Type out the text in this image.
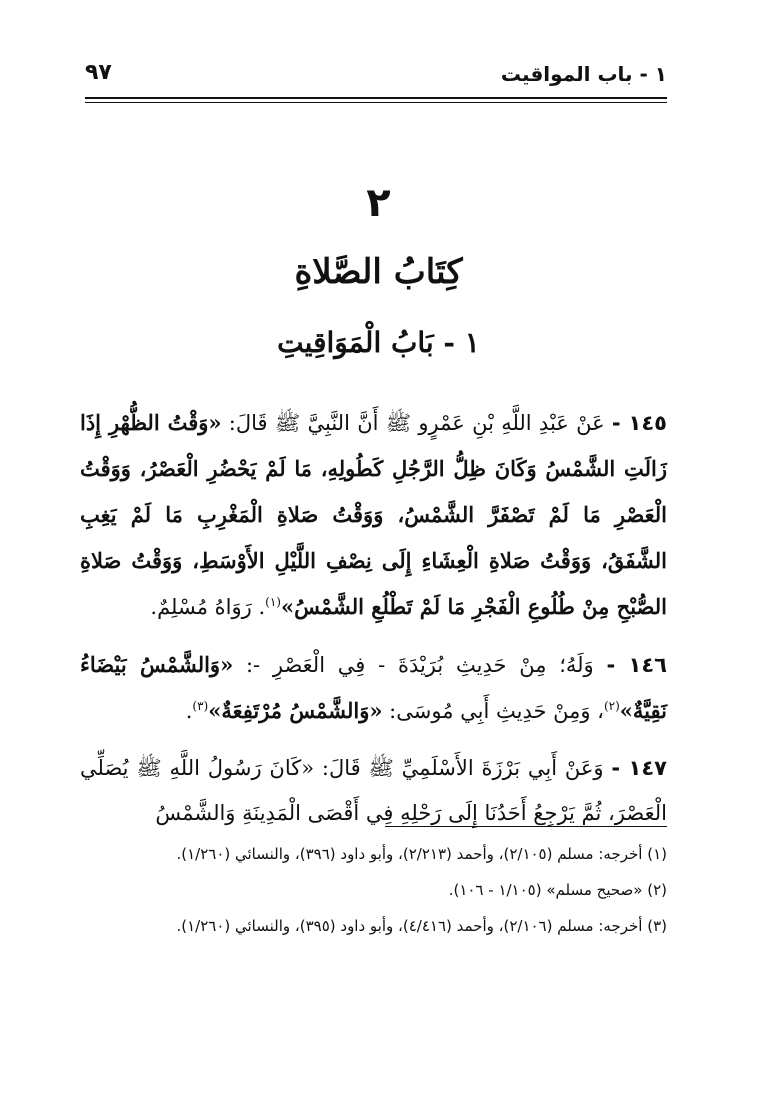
١ - باب المواقيت
٩٧
٢
كِتَابُ الصَّلاةِ
١ - بَابُ الْمَوَاقِيتِ

١٤٥ - عَنْ عَبْدِ اللَّهِ بْنِ عَمْرٍو ﷺ أَنَّ النَّبِيَّ ﷺ قَالَ: «وَقْتُ الظُّهْرِ إِذَا زَالَتِ الشَّمْسُ وَكَانَ ظِلُّ الرَّجُلِ كَطُولِهِ، مَا لَمْ يَحْضُرِ الْعَصْرُ، وَوَقْتُ الْعَصْرِ مَا لَمْ تَصْفَرَّ الشَّمْسُ، وَوَقْتُ صَلاةِ الْمَغْرِبِ مَا لَمْ يَغِبِ الشَّفَقُ، وَوَقْتُ صَلاةِ الْعِشَاءِ إِلَى نِصْفِ اللَّيْلِ الأَوْسَطِ، وَوَقْتُ صَلاةِ الصُّبْحِ مِنْ طُلُوعِ الْفَجْرِ مَا لَمْ تَطْلُعِ الشَّمْسُ»$^{(١)}$. رَوَاهُ مُسْلِمٌ.

١٤٦ - وَلَهُ؛ مِنْ حَدِيثِ بُرَيْدَةَ - فِي الْعَصْرِ -: «وَالشَّمْسُ بَيْضَاءُ نَقِيَّةٌ»$^{(٢)}$، وَمِنْ حَدِيثِ أَبِي مُوسَى: «وَالشَّمْسُ مُرْتَفِعَةٌ»$^{(٣)}$.

١٤٧ - وَعَنْ أَبِي بَرْزَةَ الأَسْلَمِيِّ ﷺ قَالَ: «كَانَ رَسُولُ اللَّهِ ﷺ يُصَلِّي الْعَصْرَ، ثُمَّ يَرْجِعُ أَحَدُنَا إِلَى رَحْلِهِ فِي أَقْصَى الْمَدِينَةِ وَالشَّمْسُ

(١) أخرجه: مسلم (٢/١٠٥)، وأحمد (٢/٢١٣)، وأبو داود (٣٩٦)، والنسائي (١/٢٦٠).

(٢) «صحيح مسلم» (١/١٠٥ - ١٠٦).

(٣) أخرجه: مسلم (٢/١٠٦)، وأحمد (٤/٤١٦)، وأبو داود (٣٩٥)، والنسائي (١/٢٦٠).
